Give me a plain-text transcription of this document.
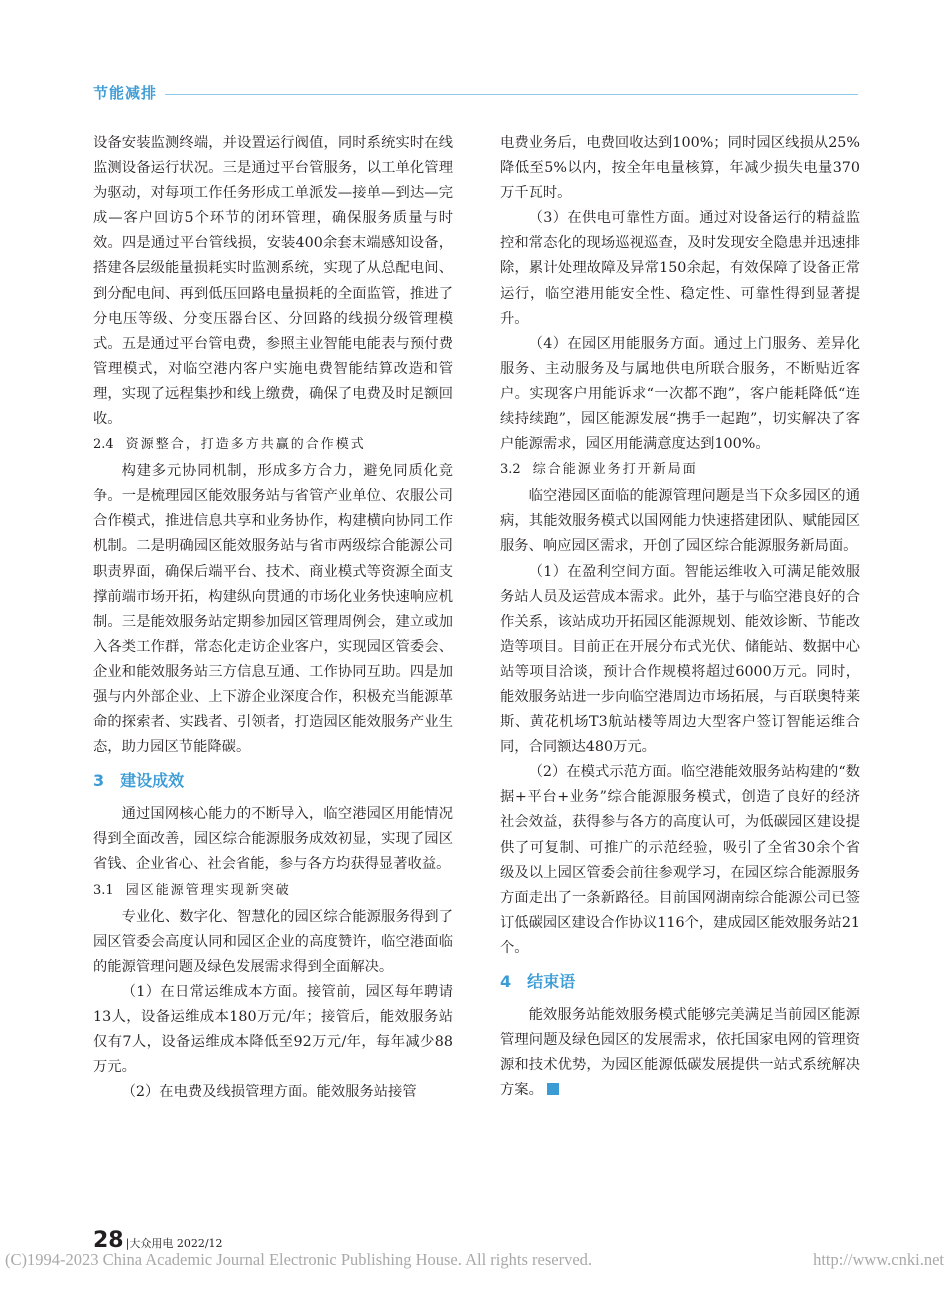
节能减排

设备安装监测终端，并设置运行阀值，同时系统实时在线监测设备运行状况。三是通过平台管服务，以工单化管理为驱动，对每项工作任务形成工单派发—接单—到达—完成—客户回访5个环节的闭环管理，确保服务质量与时效。四是通过平台管线损，安装400余套末端感知设备，搭建各层级能量损耗实时监测系统，实现了从总配电间、到分配电间、再到低压回路电量损耗的全面监管，推进了分电压等级、分变压器台区、分回路的线损分级管理模式。五是通过平台管电费，参照主业智能电能表与预付费管理模式，对临空港内客户实施电费智能结算改造和管理，实现了远程集抄和线上缴费，确保了电费及时足额回收。

2.4 资源整合，打造多方共赢的合作模式

构建多元协同机制，形成多方合力，避免同质化竞争。一是梳理园区能效服务站与省管产业单位、农服公司合作模式，推进信息共享和业务协作，构建横向协同工作机制。二是明确园区能效服务站与省市两级综合能源公司职责界面，确保后端平台、技术、商业模式等资源全面支撑前端市场开拓，构建纵向贯通的市场化业务快速响应机制。三是能效服务站定期参加园区管理周例会，建立或加入各类工作群，常态化走访企业客户，实现园区管委会、企业和能效服务站三方信息互通、工作协同互助。四是加强与内外部企业、上下游企业深度合作，积极充当能源革命的探索者、实践者、引领者，打造园区能效服务产业生态，助力园区节能降碳。

3 建设成效

通过国网核心能力的不断导入，临空港园区用能情况得到全面改善，园区综合能源服务成效初显，实现了园区省钱、企业省心、社会省能，参与各方均获得显著收益。

3.1 园区能源管理实现新突破

专业化、数字化、智慧化的园区综合能源服务得到了园区管委会高度认同和园区企业的高度赞许，临空港面临的能源管理问题及绿色发展需求得到全面解决。

（1）在日常运维成本方面。接管前，园区每年聘请13人，设备运维成本180万元/年；接管后，能效服务站仅有7人，设备运维成本降低至92万元/年，每年减少88万元。

（2）在电费及线损管理方面。能效服务站接管

电费业务后，电费回收达到100%；同时园区线损从25%降低至5%以内，按全年电量核算，年减少损失电量370万千瓦时。

（3）在供电可靠性方面。通过对设备运行的精益监控和常态化的现场巡视巡查，及时发现安全隐患并迅速排除，累计处理故障及异常150余起，有效保障了设备正常运行，临空港用能安全性、稳定性、可靠性得到显著提升。

（4）在园区用能服务方面。通过上门服务、差异化服务、主动服务及与属地供电所联合服务，不断贴近客户。实现客户用能诉求“一次都不跑”，客户能耗降低“连续持续跑”，园区能源发展“携手一起跑”，切实解决了客户能源需求，园区用能满意度达到100%。

3.2 综合能源业务打开新局面

临空港园区面临的能源管理问题是当下众多园区的通病，其能效服务模式以国网能力快速搭建团队、赋能园区服务、响应园区需求，开创了园区综合能源服务新局面。

（1）在盈利空间方面。智能运维收入可满足能效服务站人员及运营成本需求。此外，基于与临空港良好的合作关系，该站成功开拓园区能源规划、能效诊断、节能改造等项目。目前正在开展分布式光伏、储能站、数据中心站等项目洽谈，预计合作规模将超过6000万元。同时，能效服务站进一步向临空港周边市场拓展，与百联奥特莱斯、黄花机场T3航站楼等周边大型客户签订智能运维合同，合同额达480万元。

（2）在模式示范方面。临空港能效服务站构建的“数据+平台+业务”综合能源服务模式，创造了良好的经济社会效益，获得参与各方的高度认可，为低碳园区建设提供了可复制、可推广的示范经验，吸引了全省30余个省级及以上园区管委会前往参观学习，在园区综合能源服务方面走出了一条新路径。目前国网湖南综合能源公司已签订低碳园区建设合作协议116个，建成园区能效服务站21个。

4 结束语

能效服务站能效服务模式能够完美满足当前园区能源管理问题及绿色园区的发展需求，依托国家电网的管理资源和技术优势，为园区能源低碳发展提供一站式系统解决方案。

28 |大众用电 2022/12
(C)1994-2023 China Academic Journal Electronic Publishing House. All rights reserved.	http://www.cnki.net
